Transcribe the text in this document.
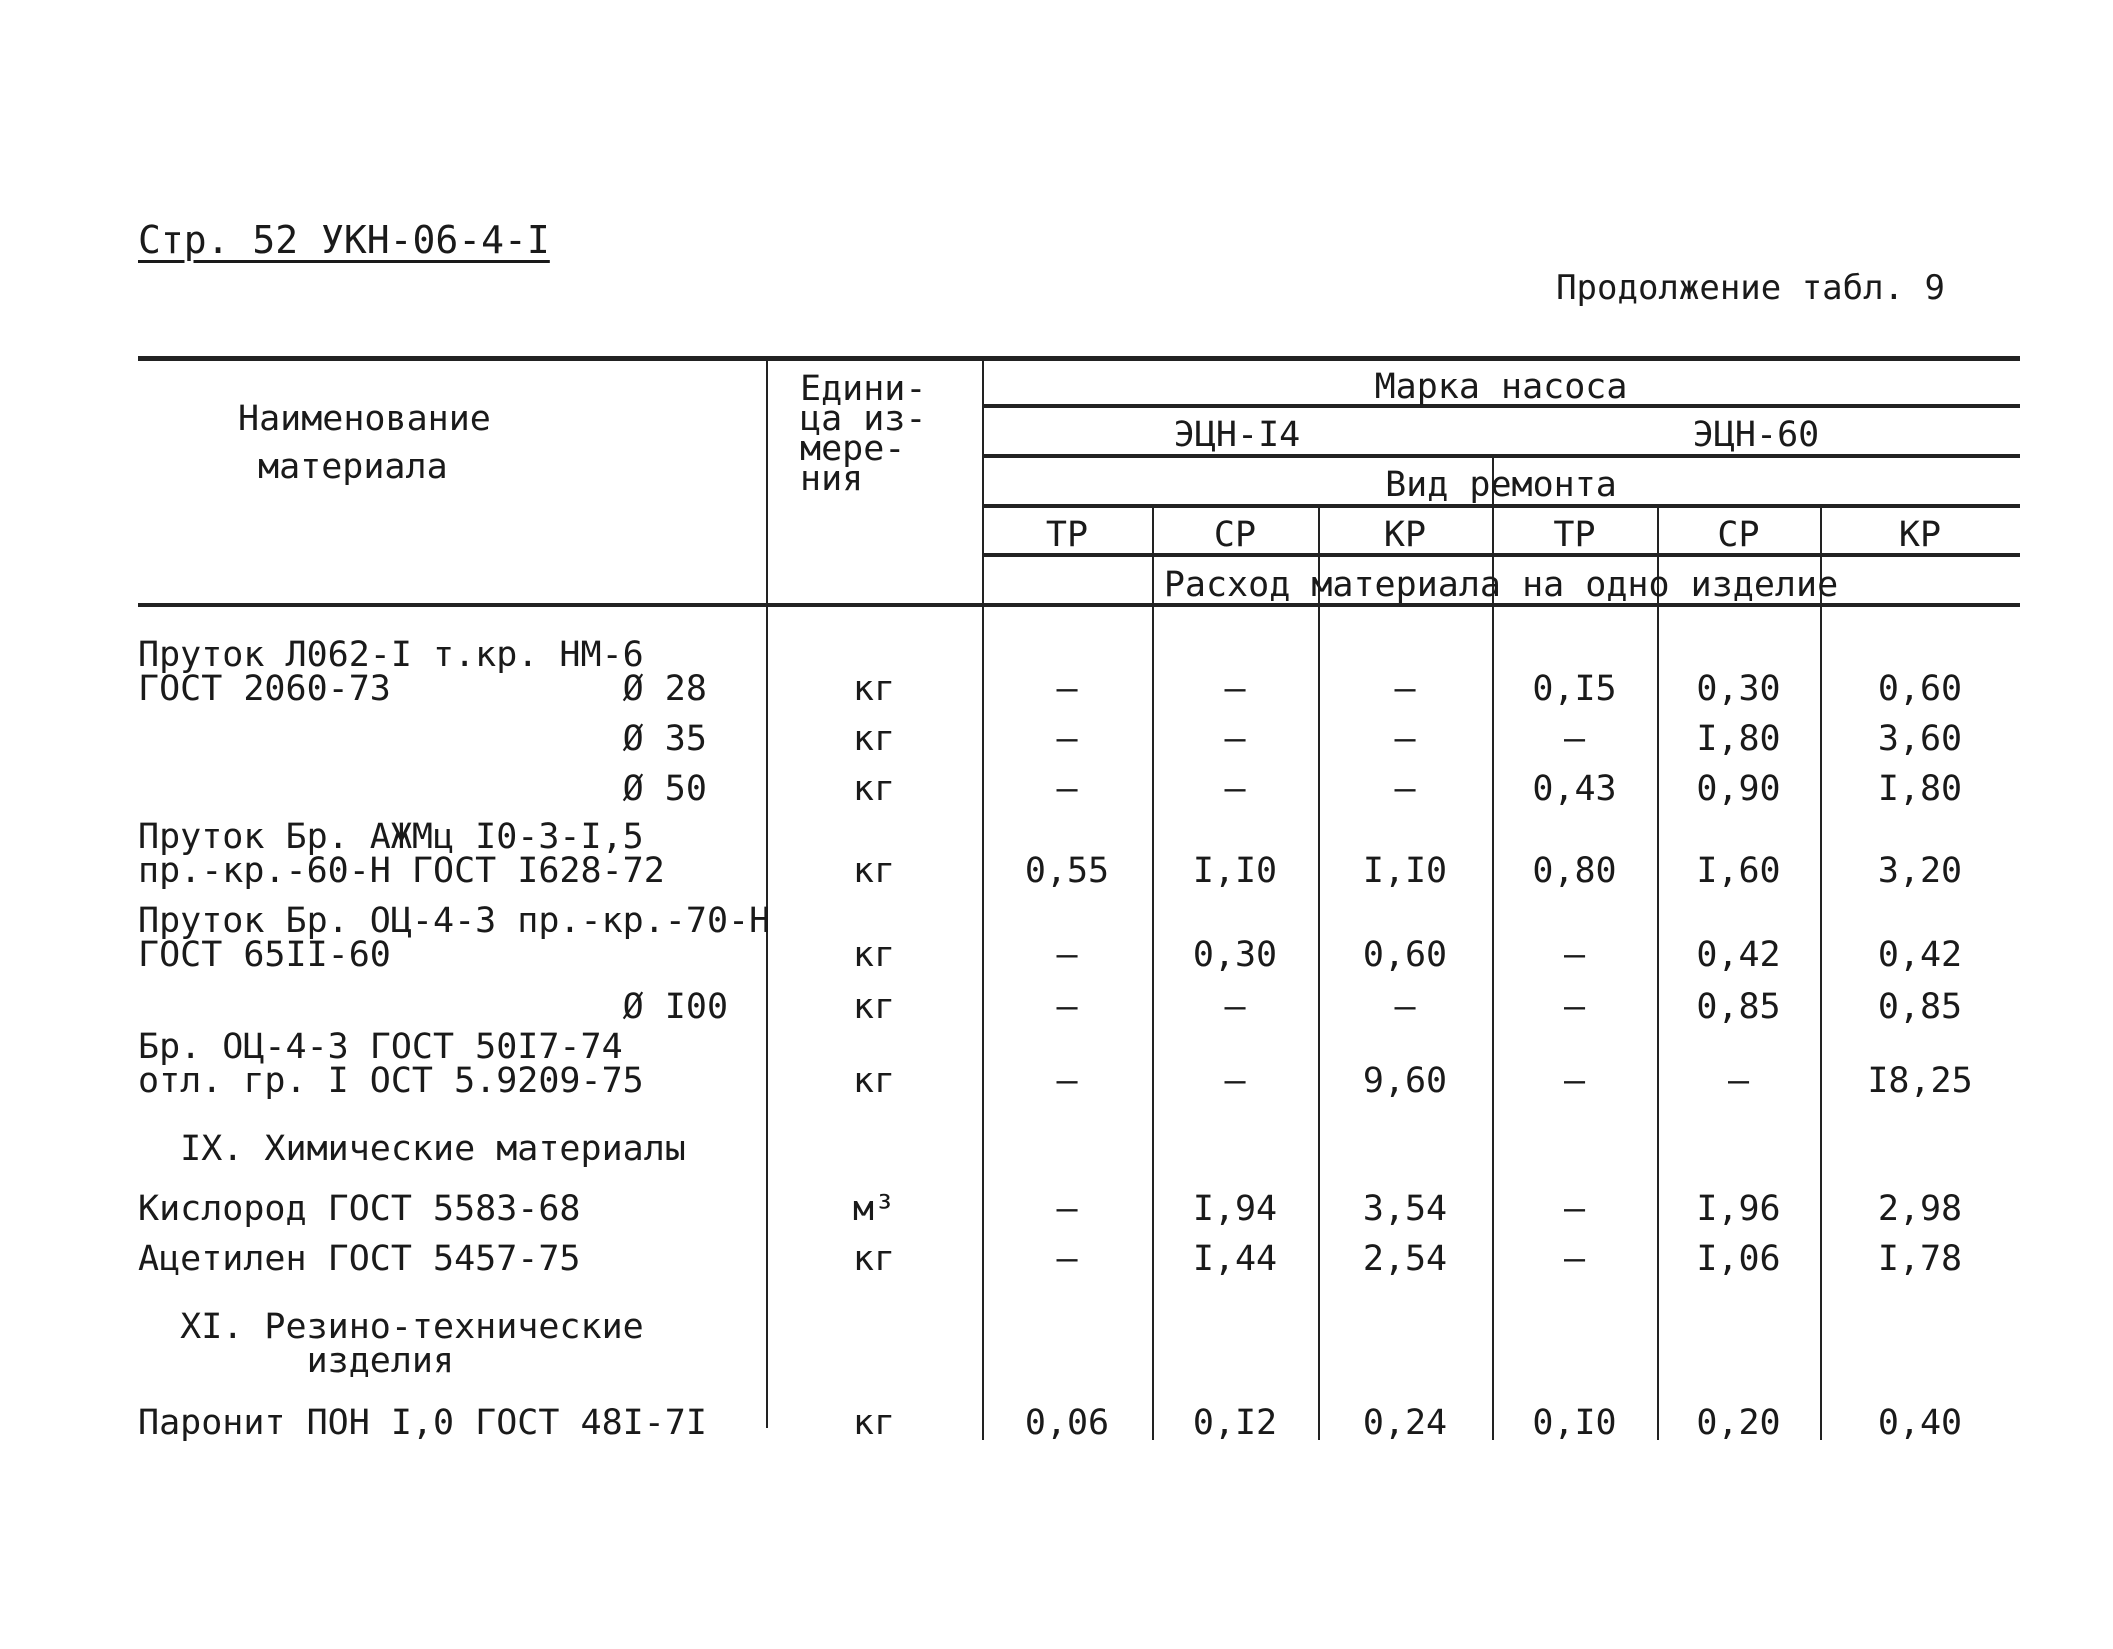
Стр. 52 УКН-06-4-I
Продолжение табл. 9
Наименование
материала
Едини-
ца из-
мере-
ния
Марка насоса
ЭЦН-I4	ЭЦН-60
Вид ремонта
ТР	СР	КР	ТР	СР	КР
Расход материала на одно изделие
Пруток Л062-I т.кр. НМ-6
ГОСТ 2060-73           Ø 28	кг	–	–	–	0,I5	0,30	0,60
Ø 35	кг	–	–	–	–	I,80	3,60
Ø 50	кг	–	–	–	0,43	0,90	I,80
Пруток Бр. АЖМц I0-3-I,5
пр.-кр.-60-Н ГОСТ I628-72	кг	0,55	I,I0	I,I0	0,80	I,60	3,20
Пруток Бр. ОЦ-4-3 пр.-кр.-70-Н
ГОСТ 65II-60	кг	–	0,30	0,60	–	0,42	0,42
Ø I00	кг	–	–	–	–	0,85	0,85
Бр. ОЦ-4-3 ГОСТ 50I7-74
отл. гр. I ОСТ 5.9209-75	кг	–	–	9,60	–	–	I8,25
IX. Химические материалы
Кислород ГОСТ 5583-68	м³	–	I,94	3,54	–	I,96	2,98
Ацетилен ГОСТ 5457-75	кг	–	I,44	2,54	–	I,06	I,78
XI. Резино-технические
изделия
Паронит ПОН I,0 ГОСТ 48I-7I	кг	0,06	0,I2	0,24	0,I0	0,20	0,40
